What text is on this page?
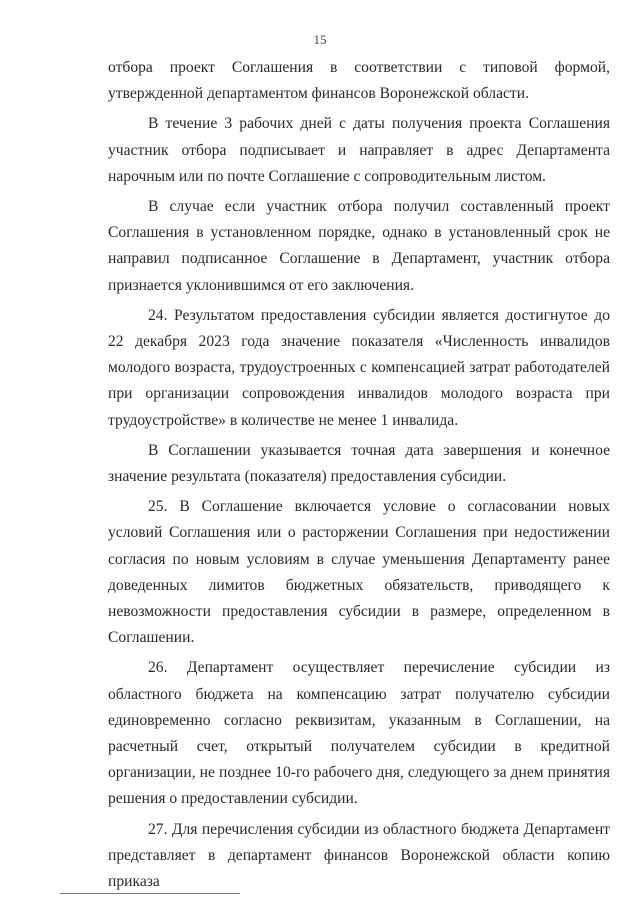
15

отбора проект Соглашения в соответствии с типовой формой, утвержденной департаментом финансов Воронежской области.

В течение 3 рабочих дней с даты получения проекта Соглашения участник отбора подписывает и направляет в адрес Департамента нарочным или по почте Соглашение с сопроводительным листом.

В случае если участник отбора получил составленный проект Соглашения в установленном порядке, однако в установленный срок не направил подписанное Соглашение в Департамент, участник отбора признается уклонившимся от его заключения.

24. Результатом предоставления субсидии является достигнутое до 22 декабря 2023 года значение показателя «Численность инвалидов молодого возраста, трудоустроенных с компенсацией затрат работодателей при организации сопровождения инвалидов молодого возраста при трудоустройстве» в количестве не менее 1 инвалида.

В Соглашении указывается точная дата завершения и конечное значение результата (показателя) предоставления субсидии.

25. В Соглашение включается условие о согласовании новых условий Соглашения или о расторжении Соглашения при недостижении согласия по новым условиям в случае уменьшения Департаменту ранее доведенных лимитов бюджетных обязательств, приводящего к невозможности предоставления субсидии в размере, определенном в Соглашении.

26. Департамент осуществляет перечисление субсидии из областного бюджета на компенсацию затрат получателю субсидии единовременно согласно реквизитам, указанным в Соглашении, на расчетный счет, открытый получателем субсидии в кредитной организации, не позднее 10-го рабочего дня, следующего за днем принятия решения о предоставлении субсидии.

27. Для перечисления субсидии из областного бюджета Департамент представляет в департамент финансов Воронежской области копию приказа
